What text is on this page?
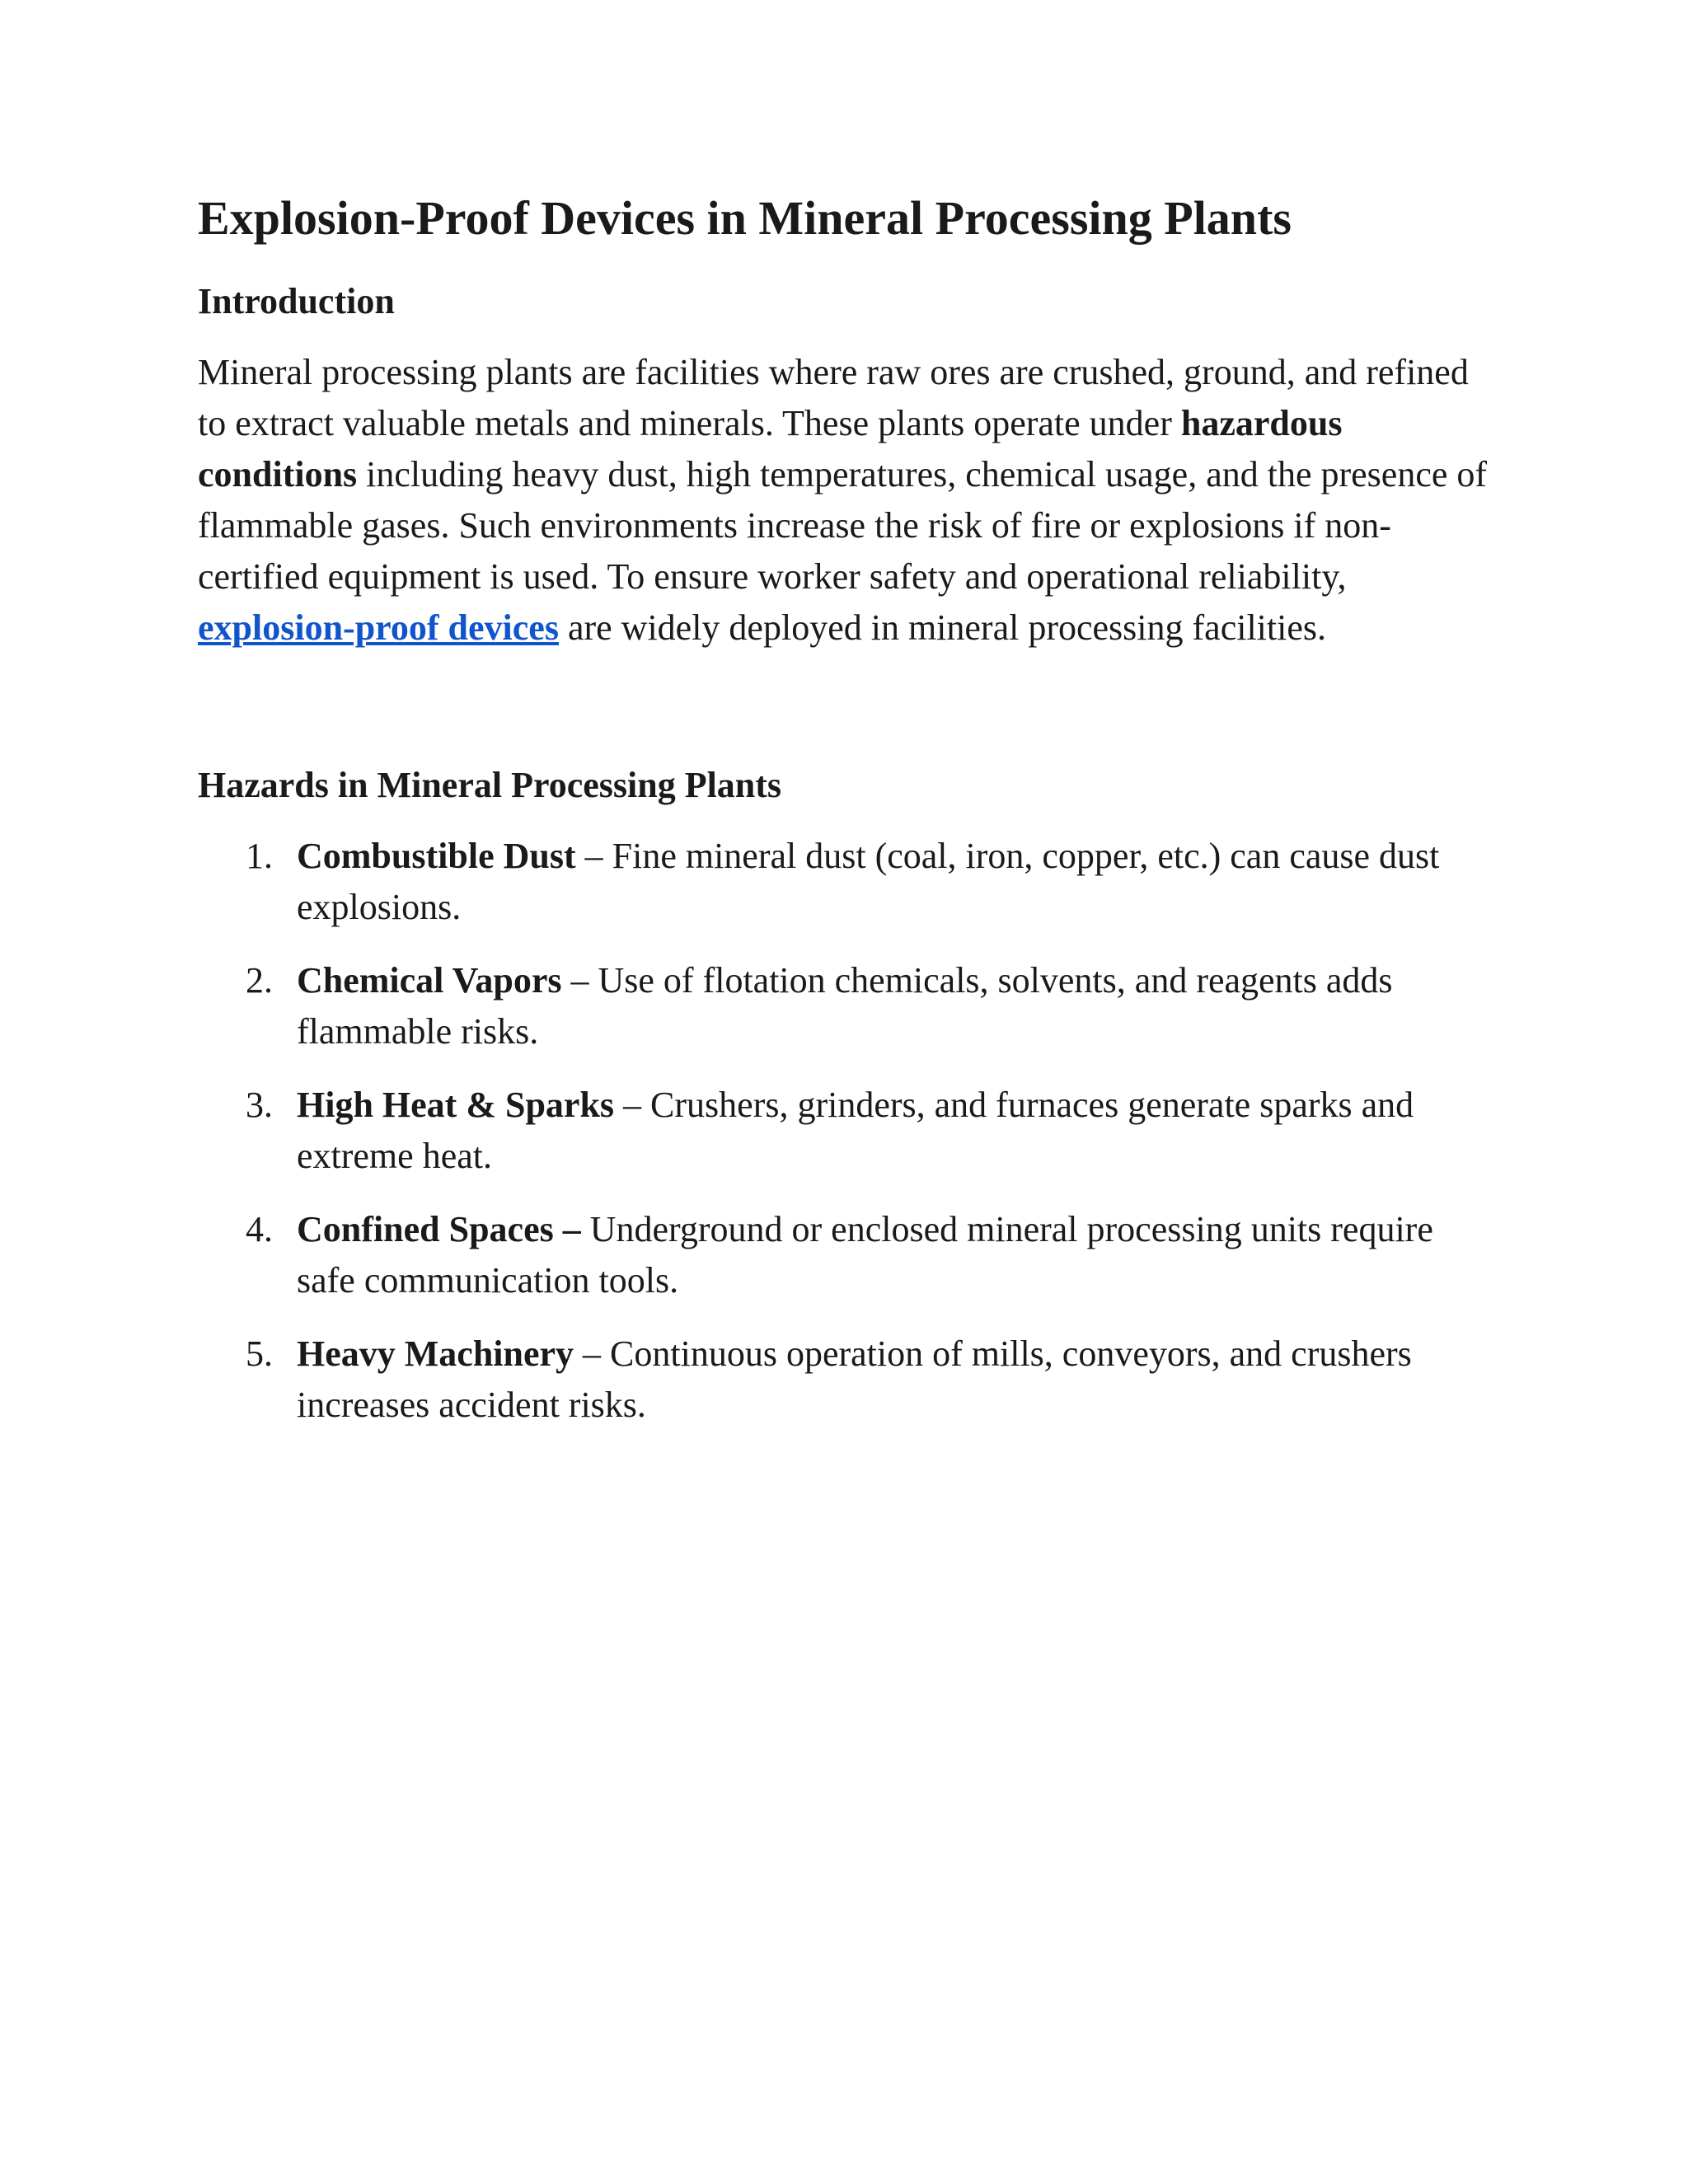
Explosion-Proof Devices in Mineral Processing Plants
Introduction

Mineral processing plants are facilities where raw ores are crushed, ground, and refined to extract valuable metals and minerals. These plants operate under hazardous conditions including heavy dust, high temperatures, chemical usage, and the presence of flammable gases. Such environments increase the risk of fire or explosions if non-certified equipment is used. To ensure worker safety and operational reliability, explosion-proof devices are widely deployed in mineral processing facilities.

Hazards in Mineral Processing Plants
1. Combustible Dust – Fine mineral dust (coal, iron, copper, etc.) can cause dust explosions.
2. Chemical Vapors – Use of flotation chemicals, solvents, and reagents adds flammable risks.
3. High Heat & Sparks – Crushers, grinders, and furnaces generate sparks and extreme heat.
4. Confined Spaces – Underground or enclosed mineral processing units require safe communication tools.
5. Heavy Machinery – Continuous operation of mills, conveyors, and crushers increases accident risks.
